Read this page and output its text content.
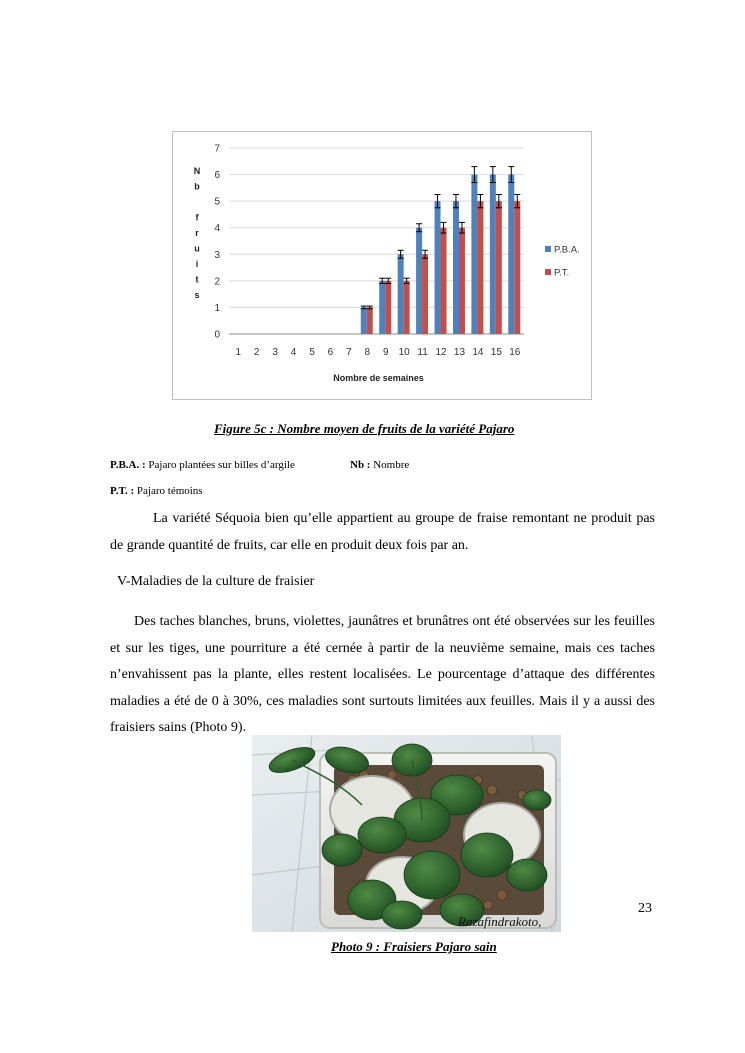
0
1
2
3
4
5
6
7
N
b
f
r
u
i
t
s
1 2 3 4 5 6 7 8 9 10 11 12 13 14 15 16
Nombre de semaines
P.B.A.
P.T.
Figure 5c : Nombre moyen de fruits de la variété Pajaro
P.B.A. : Pajaro plantées sur billes d’argile	Nb : Nombre
P.T. : Pajaro témoins
La variété Séquoia bien qu’elle appartient au groupe de fraise remontant ne produit pas de grande quantité de fruits, car elle en produit deux fois par an.
V-Maladies de la culture de fraisier
Des taches blanches, bruns, violettes, jaunâtres et brunâtres ont été observées sur les feuilles et sur les tiges, une pourriture a été cernée à partir de la neuvième semaine, mais ces taches n’envahissent pas la plante, elles restent localisées. Le pourcentage d’attaque des différentes maladies a été de 0 à 30%, ces maladies sont surtouts limitées aux feuilles. Mais il y a aussi des fraisiers sains (Photo 9).
Razafindrakoto,
23
Photo 9 : Fraisiers Pajaro sain
